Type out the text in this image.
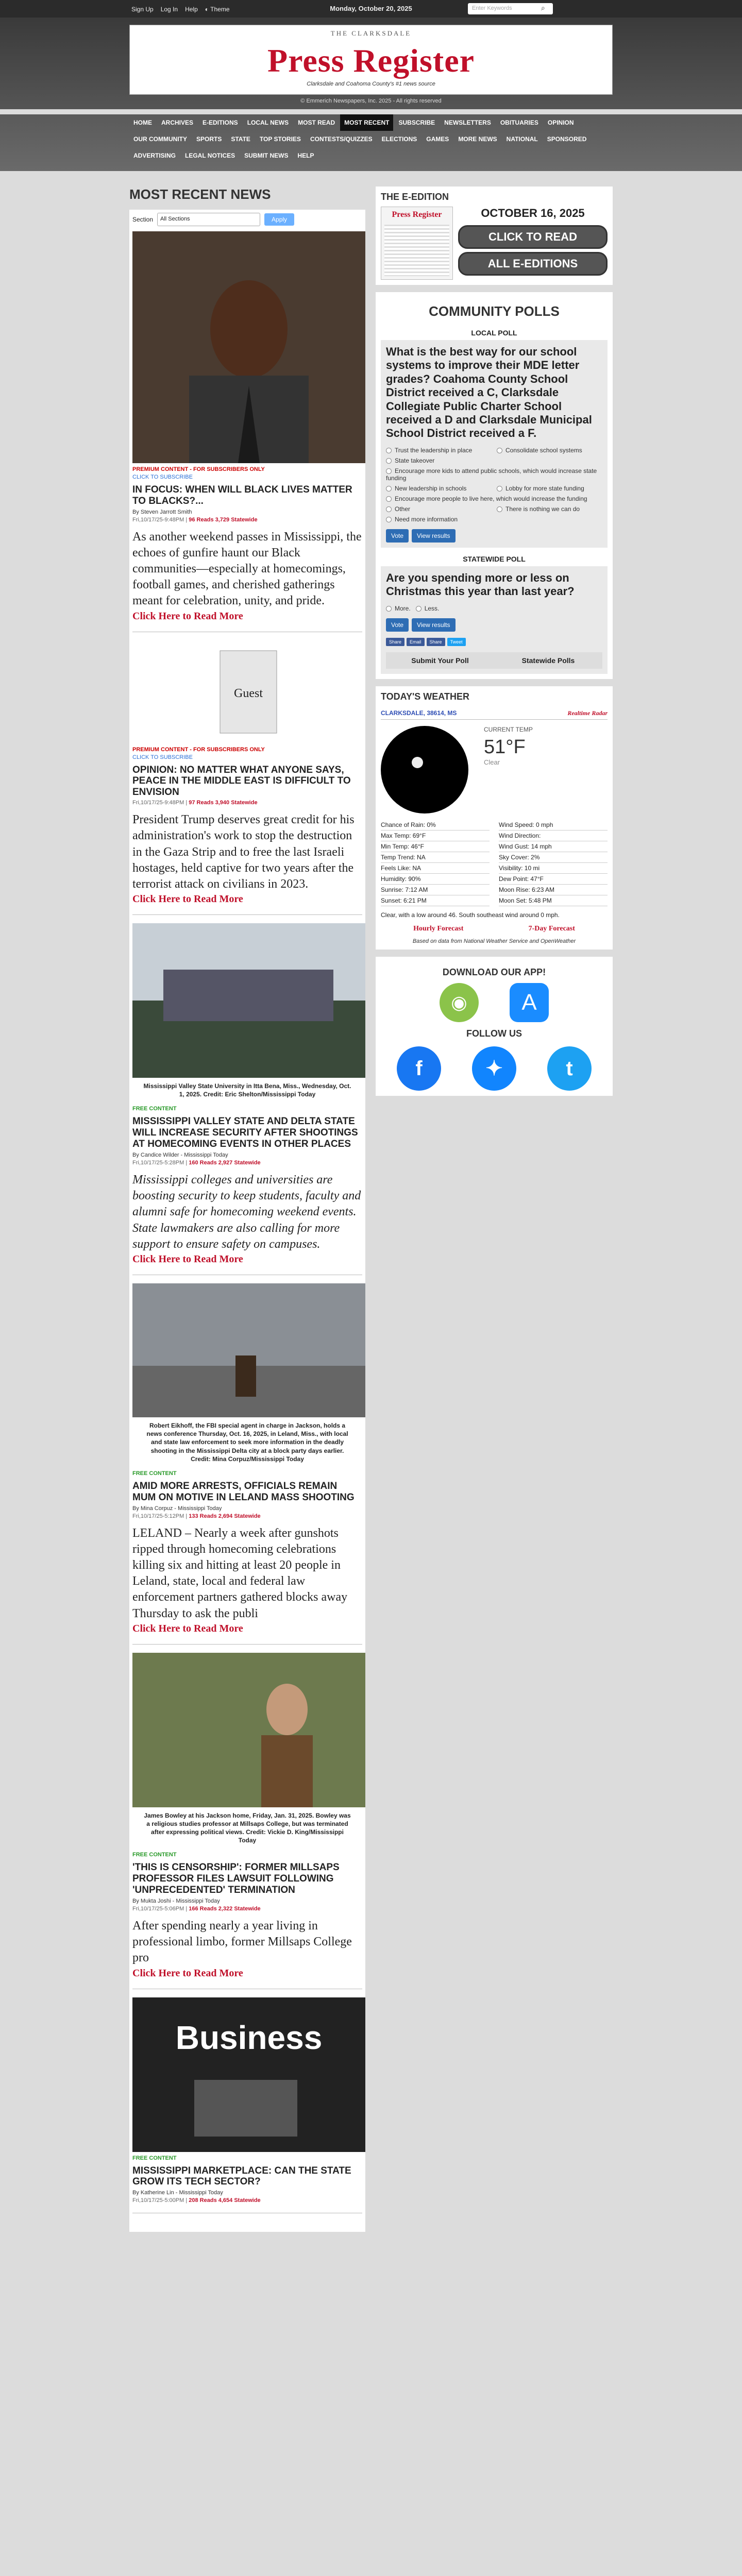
Sign Up Log In Help ◐ Theme	Monday, October 20, 2025	Enter Keywords	⌕
THE CLARKSDALE
Press Register
Clarksdale and Coahoma County's #1 news source
© Emmerich Newspapers, Inc. 2025 - All rights reserved
HOME	ARCHIVES	E-EDITIONS	LOCAL NEWS	MOST READ	MOST RECENT	SUBSCRIBE	NEWSLETTERS	OBITUARIES	OPINION
OUR COMMUNITY	SPORTS	STATE	TOP STORIES	CONTESTS/QUIZZES	ELECTIONS	GAMES	MORE NEWS	NATIONAL	SPONSORED
ADVERTISING	LEGAL NOTICES	SUBMIT NEWS	HELP
MOST RECENT NEWS
Section	All Sections	Apply
PREMIUM CONTENT - FOR SUBSCRIBERS ONLY
CLICK TO SUBSCRIBE
IN FOCUS: WHEN WILL BLACK LIVES MATTER TO BLACKS?...
By Steven Jarrott Smith
Fri,10/17/25-9:48PM | 96 Reads 3,729 Statewide
As another weekend passes in Mississippi, the echoes of gunfire haunt our Black communities—especially at homecomings, football games, and cherished gatherings meant for celebration, unity, and pride.
Click Here to Read More
Guest
PREMIUM CONTENT - FOR SUBSCRIBERS ONLY
CLICK TO SUBSCRIBE
OPINION: NO MATTER WHAT ANYONE SAYS, PEACE IN THE MIDDLE EAST IS DIFFICULT TO ENVISION
Fri,10/17/25-9:48PM | 97 Reads 3,940 Statewide
President Trump deserves great credit for his administration's work to stop the destruction in the Gaza Strip and to free the last Israeli hostages, held captive for two years after the terrorist attack on civilians in 2023.
Click Here to Read More
Mississippi Valley State University in Itta Bena, Miss., Wednesday, Oct. 1, 2025. Credit: Eric Shelton/Mississippi Today
FREE CONTENT
MISSISSIPPI VALLEY STATE AND DELTA STATE WILL INCREASE SECURITY AFTER SHOOTINGS AT HOMECOMING EVENTS IN OTHER PLACES
By Candice Wilder - Mississippi Today
Fri,10/17/25-5:28PM | 160 Reads 2,927 Statewide
Mississippi colleges and universities are boosting security to keep students, faculty and alumni safe for homecoming weekend events. State lawmakers are also calling for more support to ensure safety on campuses.
Click Here to Read More
Robert Eikhoff, the FBI special agent in charge in Jackson, holds a news conference Thursday, Oct. 16, 2025, in Leland, Miss., with local and state law enforcement to seek more information in the deadly shooting in the Mississippi Delta city at a block party days earlier. Credit: Mina Corpuz/Mississippi Today
FREE CONTENT
AMID MORE ARRESTS, OFFICIALS REMAIN MUM ON MOTIVE IN LELAND MASS SHOOTING
By Mina Corpuz - Mississippi Today
Fri,10/17/25-5:12PM | 133 Reads 2,694 Statewide
LELAND – Nearly a week after gunshots ripped through homecoming celebrations killing six and hitting at least 20 people in Leland, state, local and federal law enforcement partners gathered blocks away Thursday to ask the publi
Click Here to Read More
James Bowley at his Jackson home, Friday, Jan. 31, 2025. Bowley was a religious studies professor at Millsaps College, but was terminated after expressing political views. Credit: Vickie D. King/Mississippi Today
FREE CONTENT
'THIS IS CENSORSHIP': FORMER MILLSAPS PROFESSOR FILES LAWSUIT FOLLOWING 'UNPRECEDENTED' TERMINATION
By Mukta Joshi - Mississippi Today
Fri,10/17/25-5:06PM | 166 Reads 2,322 Statewide
After spending nearly a year living in professional limbo, former Millsaps College pro
Click Here to Read More
Business
FREE CONTENT
MISSISSIPPI MARKETPLACE: CAN THE STATE GROW ITS TECH SECTOR?
By Katherine Lin - Mississippi Today
Fri,10/17/25-5:00PM | 208 Reads 4,654 Statewide
THE E-EDITION
Press Register	OCTOBER 16, 2025
CLICK TO READ
ALL E-EDITIONS
COMMUNITY POLLS
LOCAL POLL
What is the best way for our school systems to improve their MDE letter grades? Coahoma County School District received a C, Clarksdale Collegiate Public Charter School received a D and Clarksdale Municipal School District received a F.
Trust the leadership in place	Consolidate school systems
State takeover
Encourage more kids to attend public schools, which would increase state funding
New leadership in schools	Lobby for more state funding
Encourage more people to live here, which would increase the funding
Other	There is nothing we can do
Need more information
Vote	View results
STATEWIDE POLL
Are you spending more or less on Christmas this year than last year?
More.	Less.
Vote	View results
Share	Email	Share	Tweet
Submit Your Poll	Statewide Polls
TODAY'S WEATHER
CLARKSDALE, 38614, MS	Realtime Radar
CURRENT TEMP
51°F
Clear
Chance of Rain: 0%	Wind Speed: 0 mph
Max Temp: 69°F	Wind Direction:
Min Temp: 46°F	Wind Gust: 14 mph
Temp Trend: NA	Sky Cover: 2%
Feels Like: NA	Visibility: 10 mi
Humidity: 90%	Dew Point: 47°F
Sunrise: 7:12 AM	Moon Rise: 6:23 AM
Sunset: 6:21 PM	Moon Set: 5:48 PM
Clear, with a low around 46. South southeast wind around 0 mph.
Hourly Forecast	7-Day Forecast
Based on data from National Weather Service and OpenWeather
DOWNLOAD OUR APP!
◉	A
FOLLOW US
f	✦	t
